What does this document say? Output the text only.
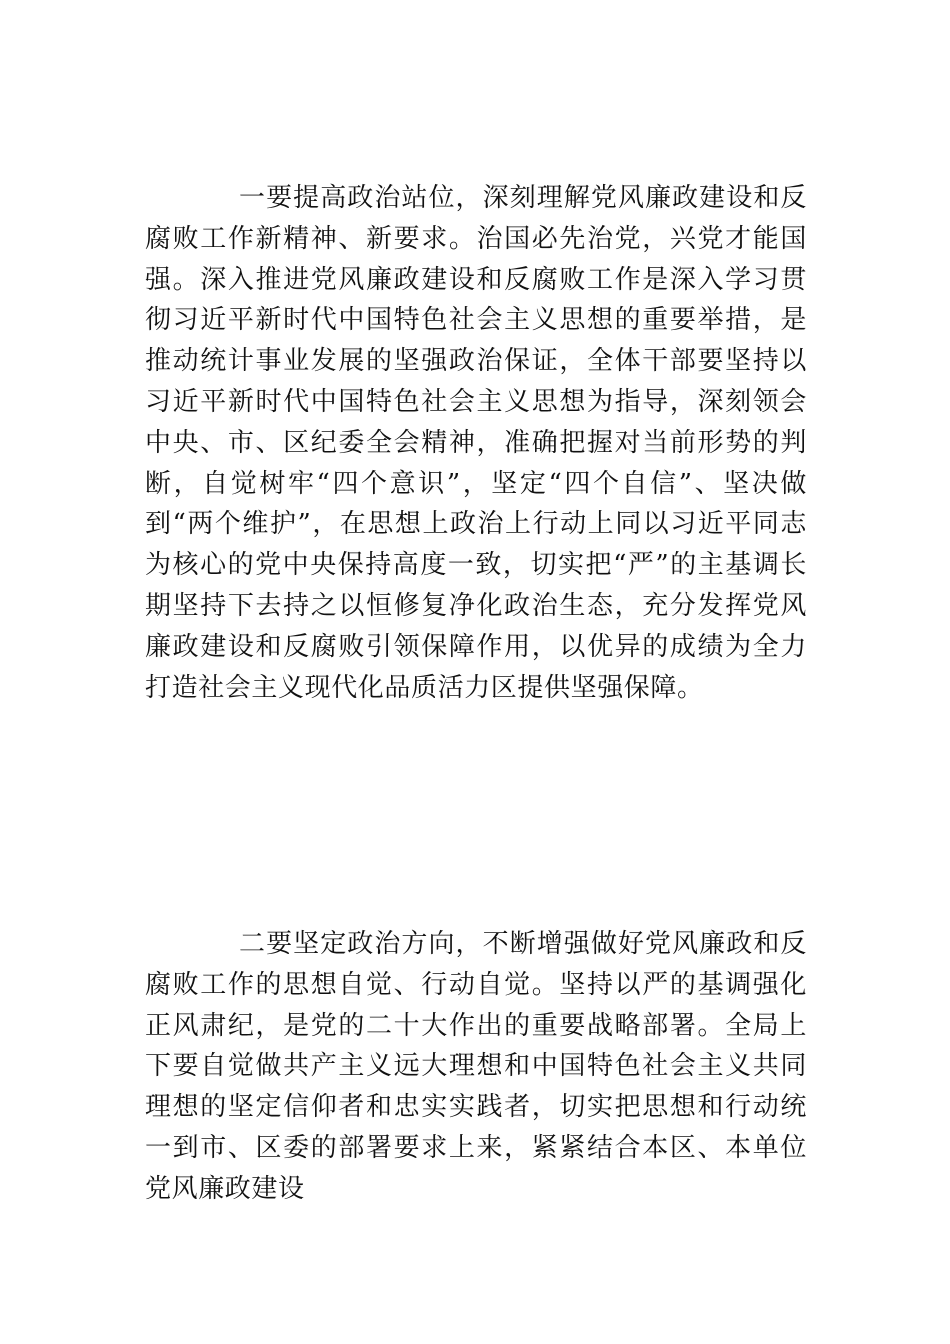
一要提高政治站位，深刻理解党风廉政建设和反腐败工作新精神、新要求。治国必先治党，兴党才能国强。深入推进党风廉政建设和反腐败工作是深入学习贯彻习近平新时代中国特色社会主义思想的重要举措，是推动统计事业发展的坚强政治保证，全体干部要坚持以习近平新时代中国特色社会主义思想为指导，深刻领会中央、市、区纪委全会精神，准确把握对当前形势的判断，自觉树牢“四个意识”，坚定“四个自信”、坚决做到“两个维护”，在思想上政治上行动上同以习近平同志为核心的党中央保持高度一致，切实把“严”的主基调长期坚持下去持之以恒修复净化政治生态，充分发挥党风廉政建设和反腐败引领保障作用，以优异的成绩为全力打造社会主义现代化品质活力区提供坚强保障。

二要坚定政治方向，不断增强做好党风廉政和反腐败工作的思想自觉、行动自觉。坚持以严的基调强化正风肃纪，是党的二十大作出的重要战略部署。全局上下要自觉做共产主义远大理想和中国特色社会主义共同理想的坚定信仰者和忠实实践者，切实把思想和行动统一到市、区委的部署要求上来，紧紧结合本区、本单位党风廉政建设
